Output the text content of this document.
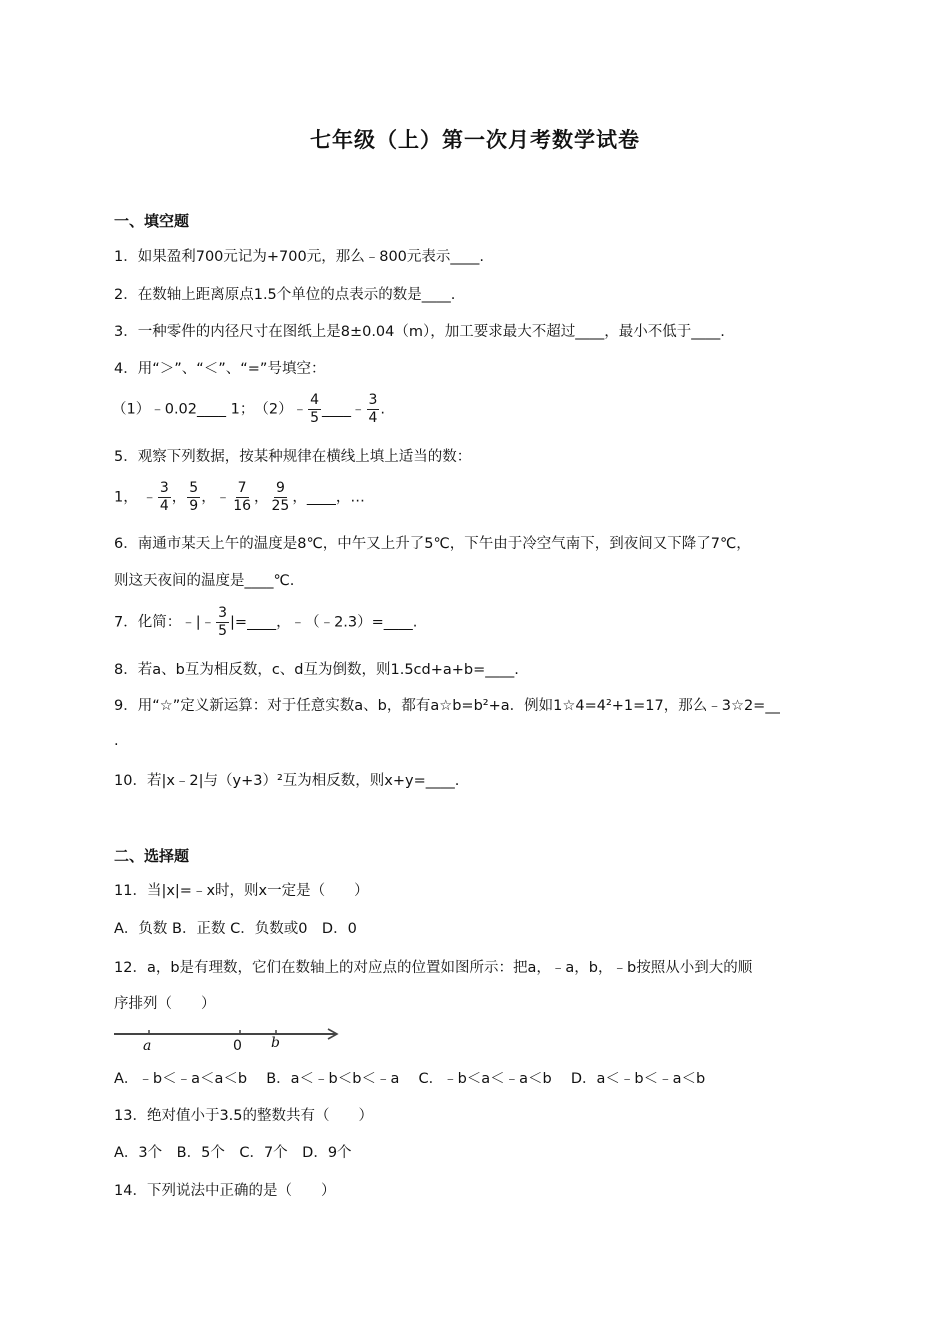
七年级（上）第一次月考数学试卷
一、填空题
1．如果盈利700元记为+700元，那么﹣800元表示____.
2．在数轴上距离原点1.5个单位的点表示的数是____.
3．一种零件的内径尺寸在图纸上是8±0.04（m），加工要求最大不超过____，最小不低于____.
4．用“＞”、“＜”、“=”号填空：
（1）﹣0.02____ 1；　（2）﹣ $\frac{4}{5}$ ____﹣ $\frac{3}{4}$ .
5．观察下列数据，按某种规律在横线上填上适当的数：
1， ﹣ $\frac{3}{4}$ ， $\frac{5}{9}$ ，﹣ $\frac{7}{16}$ ， $\frac{9}{25}$ ，____，…
6．南通市某天上午的温度是8℃，中午又上升了5℃，下午由于冷空气南下，到夜间又下降了7℃，
则这天夜间的温度是____℃.
7．化简：﹣|﹣ $\frac{3}{5}$ |=____，﹣（﹣2.3）=____.
8．若a、b互为相反数，c、d互为倒数，则1.5cd+a+b=____.
9．用“☆”定义新运算：对于任意实数a、b，都有a☆b=b²+a．例如1☆4=4²+1=17，那么﹣3☆2=__
.
10．若|x﹣2|与（y+3）²互为相反数，则x+y=____.
二、选择题
11．当|x|=﹣x时，则x一定是（　　）
A．负数 B．正数 C．负数或0　D．0
12．a，b是有理数，它们在数轴上的对应点的位置如图所示：把a，﹣a，b，﹣b按照从小到大的顺
序排列（　　）
a	0 b
A．﹣b＜﹣a＜a＜b　 B．a＜﹣b＜b＜﹣a　 C．﹣b＜a＜﹣a＜b　 D．a＜﹣b＜﹣a＜b
13．绝对值小于3.5的整数共有（　　）
A．3个　B．5个　C．7个　D．9个
14．下列说法中正确的是（　　）
